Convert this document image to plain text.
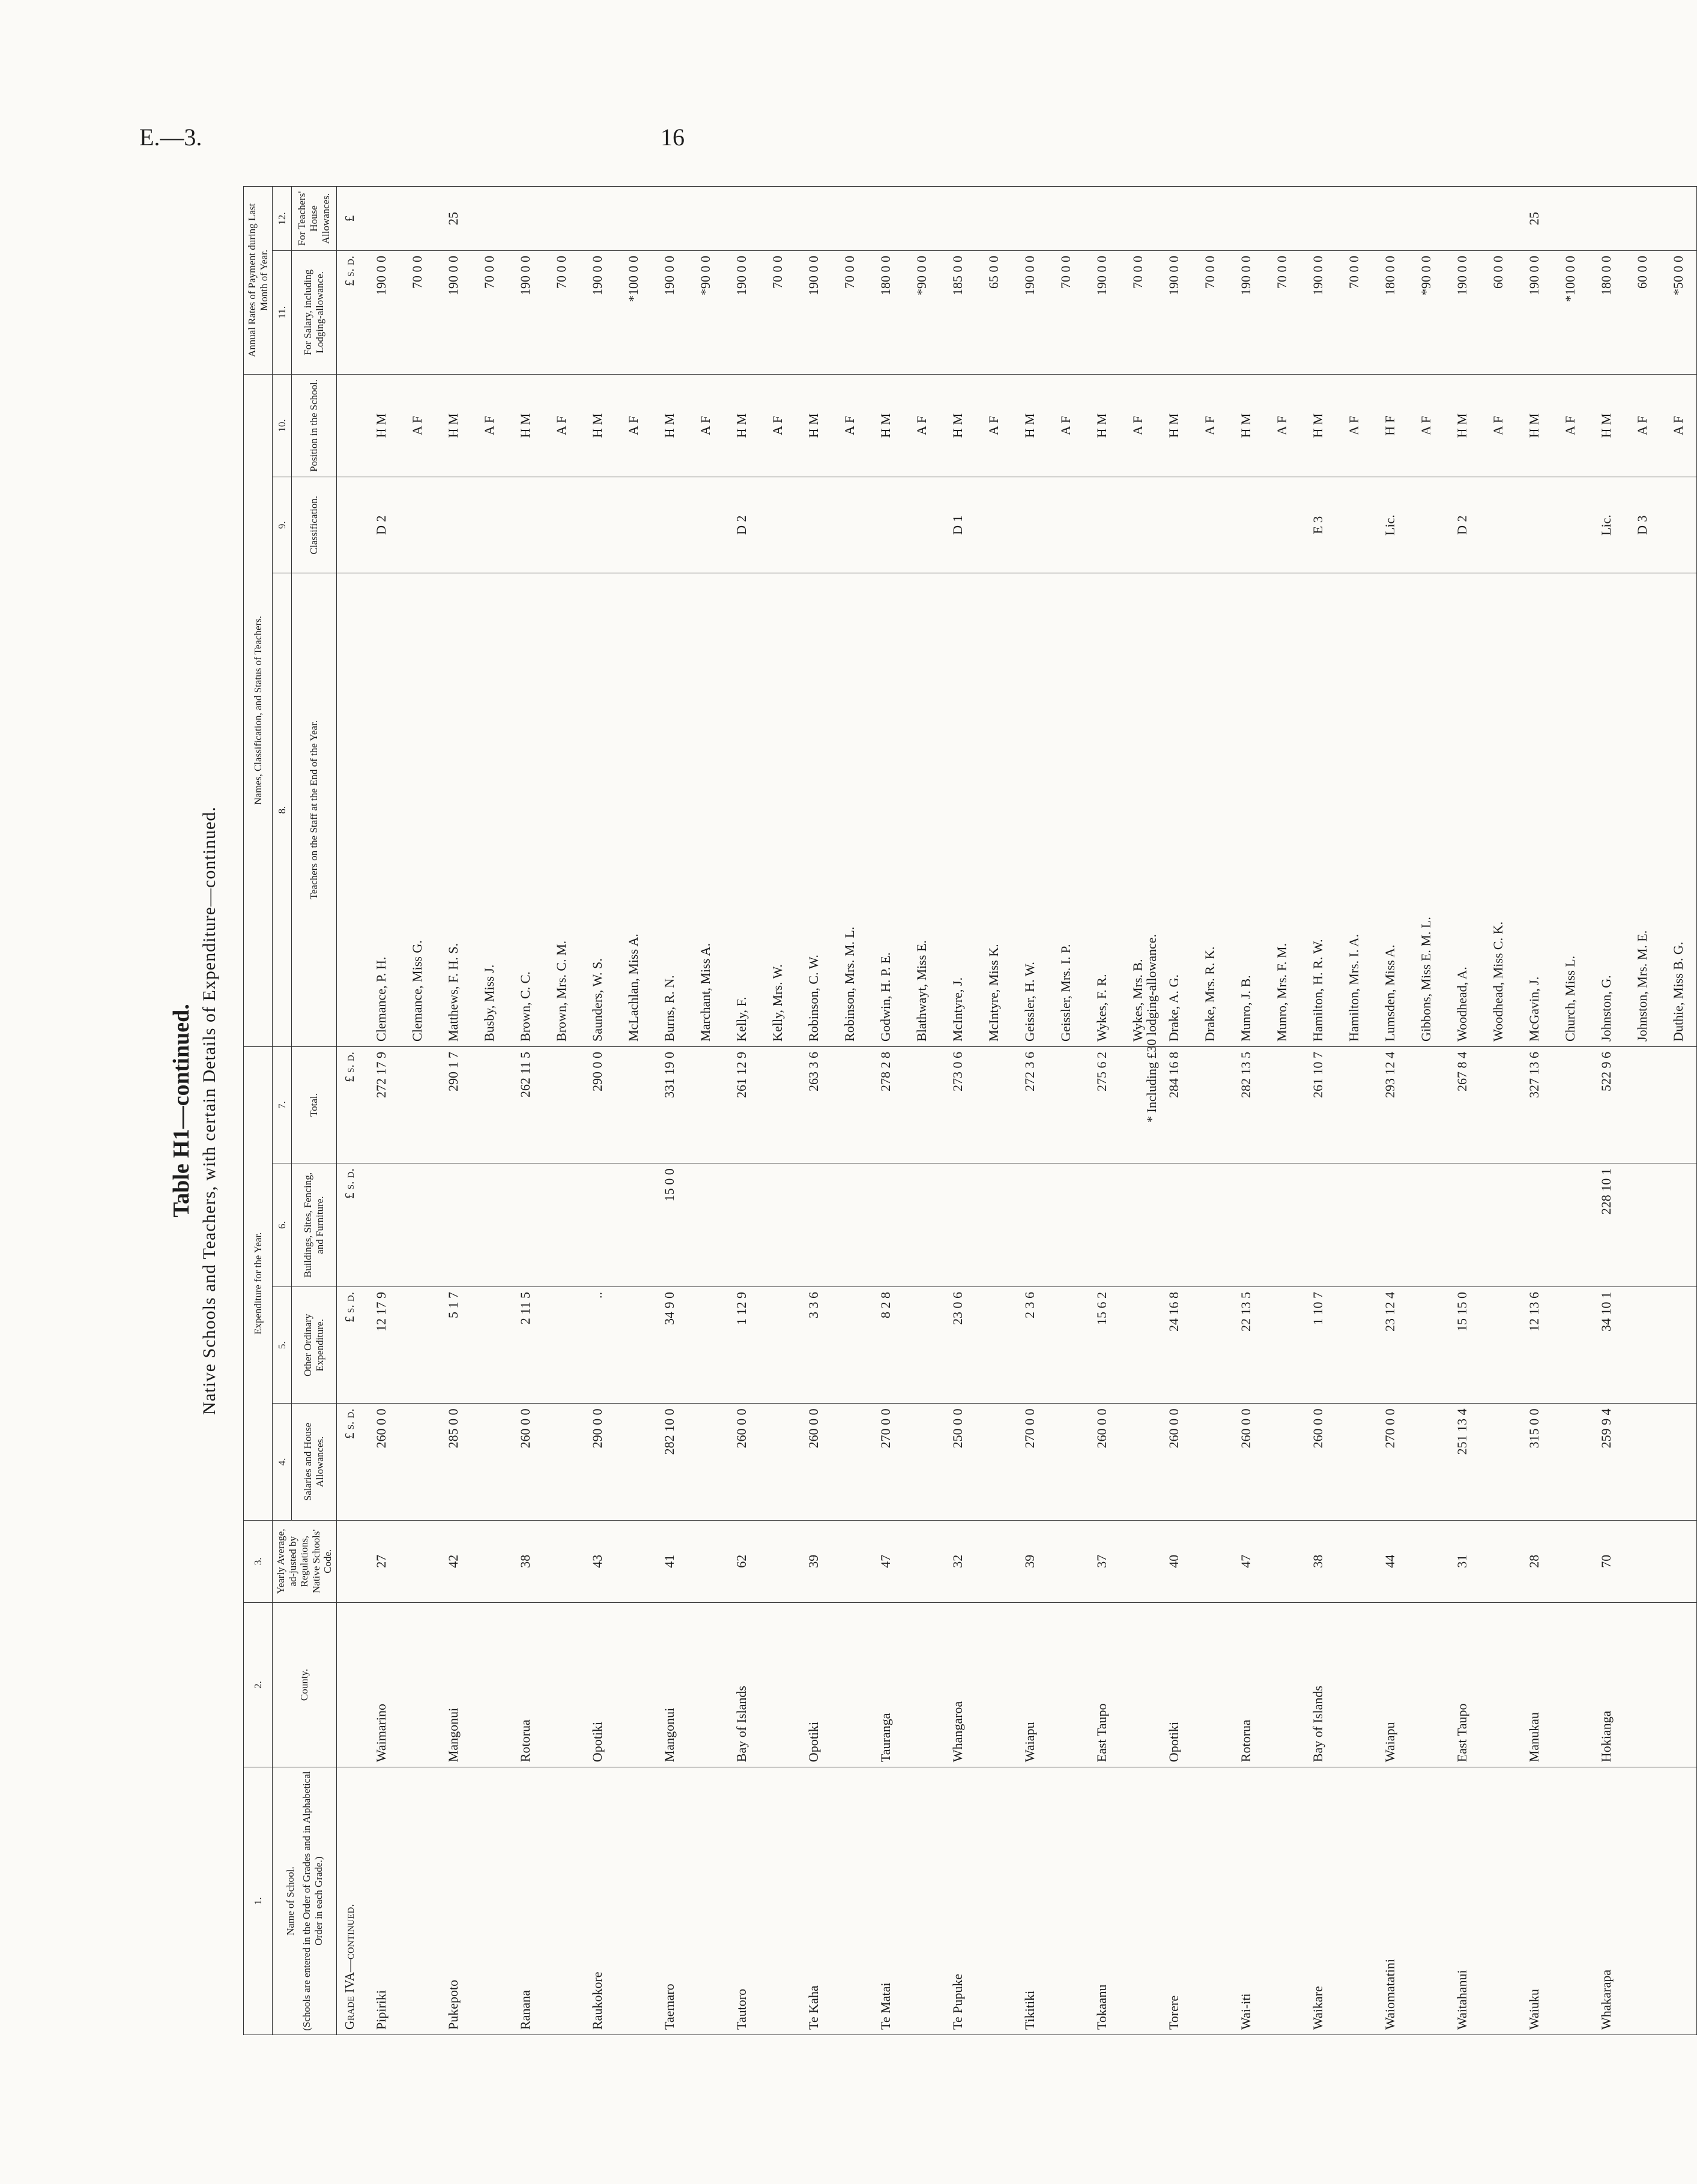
E.—3.	16
Table H1—continued. Native Schools and Teachers, with certain Details of Expenditure—continued.
1.	2.	3.	Expenditure for the Year.				Names, Classification, and Status of Teachers.			Annual Rates of Payment during Last Month of Year.	

Name of School. (Schools are entered in the Order of Grades and in Alphabetical Order in each Grade.)	County.	Yearly Average, ad-justed by Regulations, Native Schools' Code.	4.	5.	6.	7.	8.	9.	10.	11.	12.
			Salaries and House Allowances.	Other Ordinary Expenditure.	Buildings, Sites, Fencing, and Furniture.	Total.	Teachers on the Staff at the End of the Year.	Classification.	Position in the School.	For Salary, including Lodging-allowance.	For Teachers' House Allowances.
Grade IVA—continued.			£ s. d.	£ s. d.	£ s. d.	£ s. d.				£ s. d.	£
Pipiriki	Waimarino	27	260 0 0	12 17 9		272 17 9	Clemance, P. H.	D 2	H M	190 0 0	
							Clemance, Miss G.		A F	70 0 0	
Pukepoto	Mangonui	42	285 0 0	5 1 7		290 1 7	Matthews, F. H. S.		H M	190 0 0	25
							Busby, Miss J.		A F	70 0 0	
Ranana	Rotorua	38	260 0 0	2 11 5		262 11 5	Brown, C. C.		H M	190 0 0	
							Brown, Mrs. C. M.		A F	70 0 0	
Raukokore	Opotiki	43	290 0 0	..		290 0 0	Saunders, W. S.		H M	190 0 0	
							McLachlan, Miss A.		A F	*100 0 0	
Taemaro	Mangonui	41	282 10 0	34 9 0	15 0 0	331 19 0	Burns, R. N.		H M	190 0 0	
							Marchant, Miss A.		A F	*90 0 0	
Tautoro	Bay of Islands	62	260 0 0	1 12 9		261 12 9	Kelly, F.	D 2	H M	190 0 0	
							Kelly, Mrs. W.		A F	70 0 0	
Te Kaha	Opotiki	39	260 0 0	3 3 6		263 3 6	Robinson, C. W.		H M	190 0 0	
							Robinson, Mrs. M. L.		A F	70 0 0	
Te Matai	Tauranga	47	270 0 0	8 2 8		278 2 8	Godwin, H. P. E.		H M	180 0 0	
							Blathwayt, Miss E.		A F	*90 0 0	
Te Pupuke	Whangaroa	32	250 0 0	23 0 6		273 0 6	McIntyre, J.	D 1	H M	185 0 0	
							McIntyre, Miss K.		A F	65 0 0	
Tikitiki	Waiapu	39	270 0 0	2 3 6		272 3 6	Geissler, H. W.		H M	190 0 0	
							Geissler, Mrs. I. P.		A F	70 0 0	
Tokaanu	East Taupo	37	260 0 0	15 6 2		275 6 2	Wykes, F. R.		H M	190 0 0	
							Wykes, Mrs. B.		A F	70 0 0	
Torere	Opotiki	40	260 0 0	24 16 8		284 16 8	Drake, A. G.		H M	190 0 0	
							Drake, Mrs. R. K.		A F	70 0 0	
Wai-iti	Rotorua	47	260 0 0	22 13 5		282 13 5	Munro, J. B.		H M	190 0 0	
							Munro, Mrs. F. M.		A F	70 0 0	
Waikare	Bay of Islands	38	260 0 0	1 10 7		261 10 7	Hamilton, H. R. W.	E 3	H M	190 0 0	
							Hamilton, Mrs. I. A.		A F	70 0 0	
Waiomatatini	Waiapu	44	270 0 0	23 12 4		293 12 4	Lumsden, Miss A.	Lic.	H F	180 0 0	
							Gibbons, Miss E. M. L.		A F	*90 0 0	
Waitahanui	East Taupo	31	251 13 4	15 15 0		267 8 4	Woodhead, A.	D 2	H M	190 0 0	
							Woodhead, Miss C. K.		A F	60 0 0	
Waiuku	Manukau	28	315 0 0	12 13 6		327 13 6	McGavin, J.		H M	190 0 0	25
							Church, Miss L.		A F	*100 0 0	
Whakarapa	Hokianga	70	259 9 4	34 10 1	228 10 1	522 9 6	Johnston, G.	Lic.	H M	180 0 0	
							Johnston, Mrs. M. E.	D 3	A F	60 0 0	
							Duthie, Miss B. G.		A F	*50 0 0	
* Including £30 lodging-allowance.
